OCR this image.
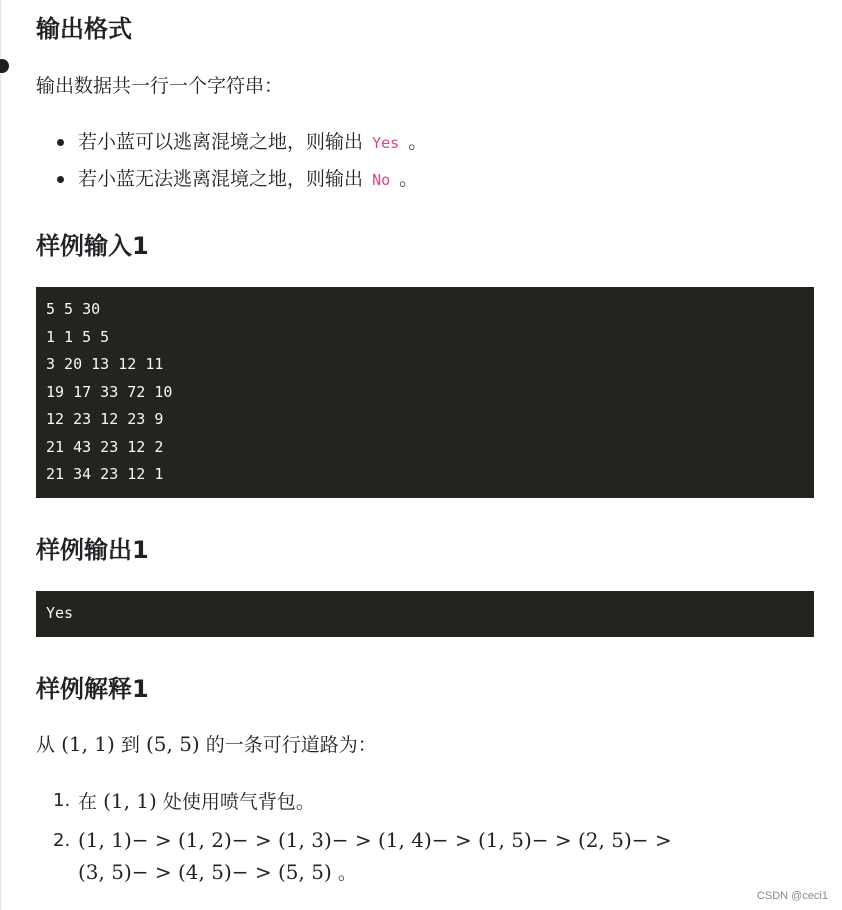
输出格式

输出数据共一行一个字符串：

若小蓝可以逃离混境之地，则输出 Yes 。
若小蓝无法逃离混境之地，则输出 No 。
样例输入1
5 5 30
1 1 5 5
3 20 13 12 11
19 17 33 72 10
12 23 12 23 9
21 43 23 12 2
21 34 23 12 1
样例输出1
Yes
样例解释1

从 (1, 1) 到 (5, 5) 的一条可行道路为：

1. 在 (1, 1) 处使用喷气背包。
2. (1, 1)− > (1, 2)− > (1, 3)− > (1, 4)− > (1, 5)− > (2, 5)− >
(3, 5)− > (4, 5)− > (5, 5) 。
CSDN @ceci1
